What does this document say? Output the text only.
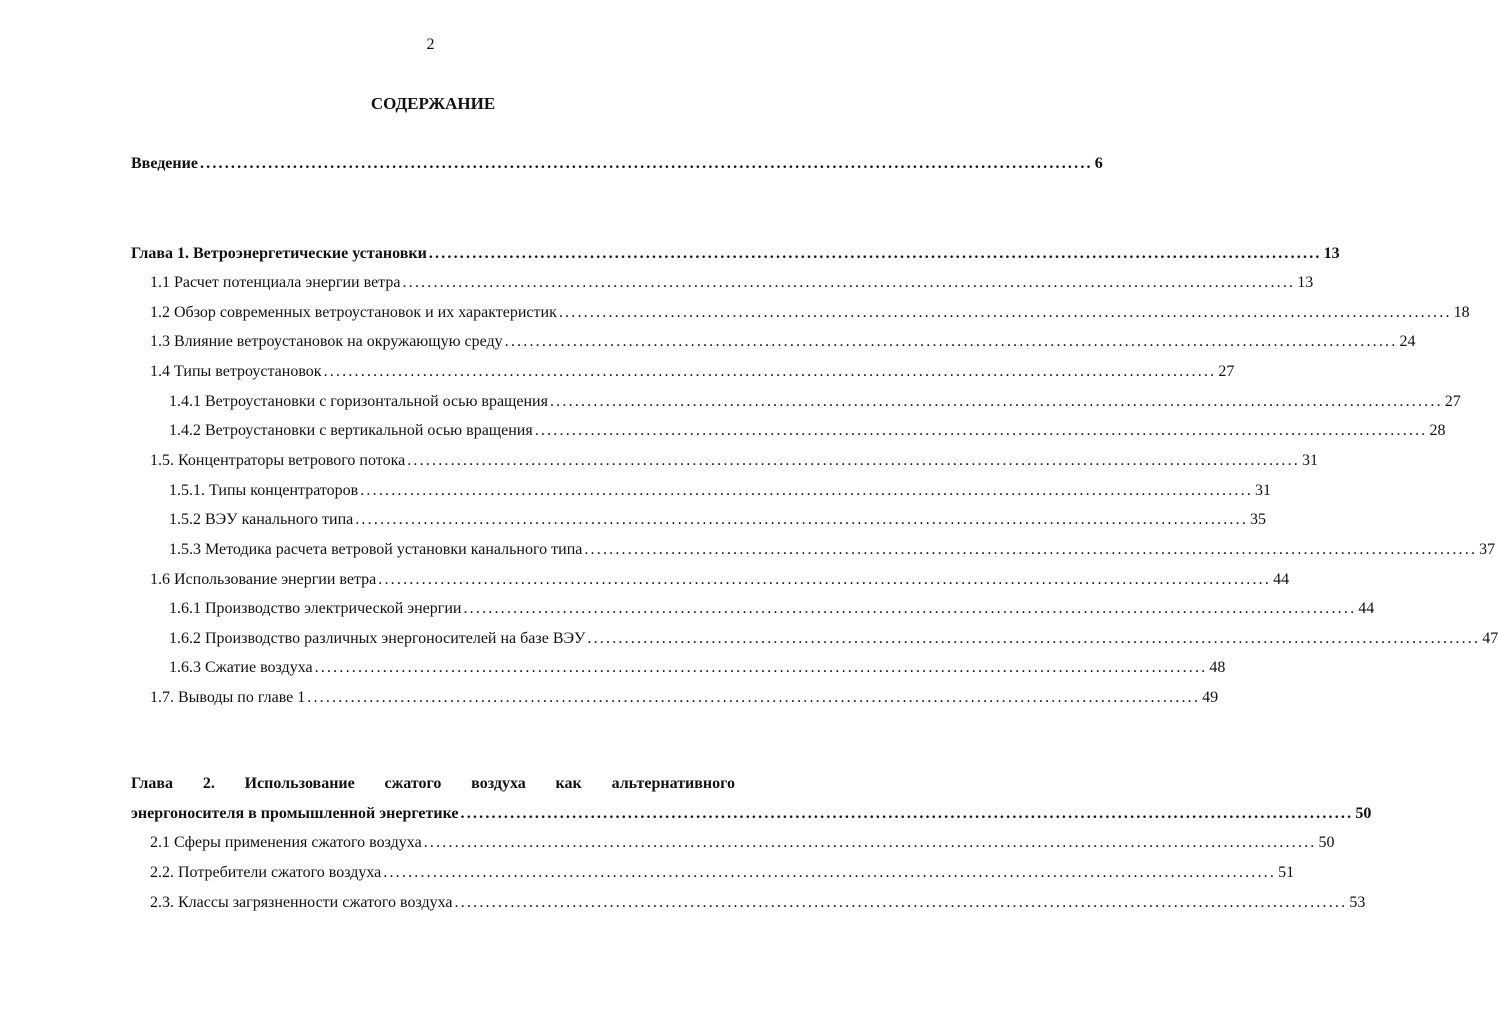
2
СОДЕРЖАНИЕ
Введение ................................................................................................................................................ 6
Глава 1. Ветроэнергетические установки ................................................................................................................................................ 13
1.1 Расчет потенциала энергии ветра ................................................................................................................................................ 13
1.2 Обзор современных ветроустановок и их характеристик ................................................................................................................................................ 18
1.3 Влияние ветроустановок на окружающую среду ................................................................................................................................................ 24
1.4 Типы ветроустановок ................................................................................................................................................ 27
1.4.1 Ветроустановки с горизонтальной осью вращения ................................................................................................................................................ 27
1.4.2 Ветроустановки с вертикальной осью вращения ................................................................................................................................................ 28
1.5. Концентраторы ветрового потока ................................................................................................................................................ 31
1.5.1. Типы концентраторов ................................................................................................................................................ 31
1.5.2 ВЭУ канального типа ................................................................................................................................................ 35
1.5.3 Методика расчета ветровой установки канального типа ................................................................................................................................................ 37
1.6 Использование энергии ветра ................................................................................................................................................ 44
1.6.1 Производство электрической энергии ................................................................................................................................................ 44
1.6.2 Производство различных энергоносителей на базе ВЭУ ................................................................................................................................................ 47
1.6.3 Сжатие воздуха ................................................................................................................................................ 48
1.7. Выводы по главе 1 ................................................................................................................................................ 49
Глава 2. Использование сжатого воздуха как альтернативного
энергоносителя в промышленной энергетике ................................................................................................................................................ 50
2.1 Сферы применения сжатого воздуха ................................................................................................................................................ 50
2.2. Потребители сжатого воздуха ................................................................................................................................................ 51
2.3. Классы загрязненности сжатого воздуха ................................................................................................................................................ 53
